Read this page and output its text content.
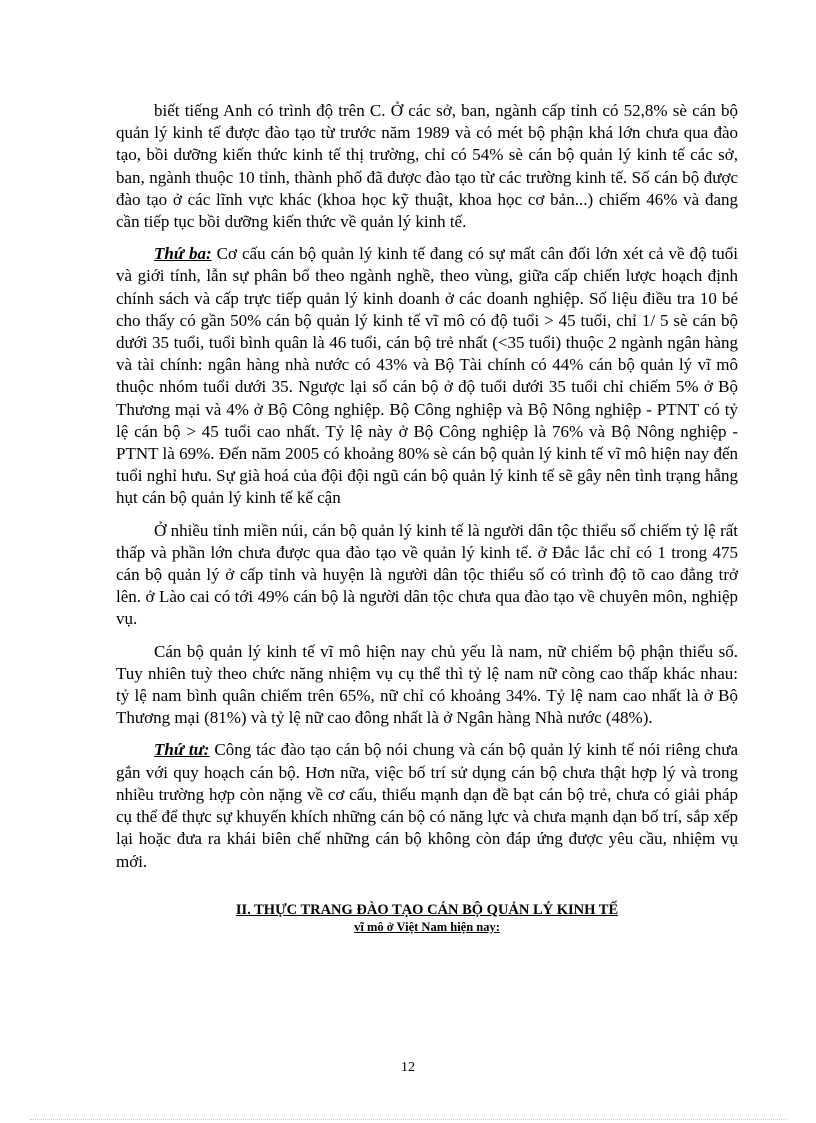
biết tiếng Anh có trình độ trên C. Ở các sở, ban, ngành cấp tỉnh có 52,8% sè cán bộ quản lý kinh tế được đào tạo từ trước năm 1989 và có mét bộ phận khá lớn chưa qua đào tạo, bồi dưỡng kiến thức kinh tế thị trường, chỉ có 54% sè cán bộ quản lý kinh tế các sở, ban, ngành thuộc 10 tỉnh, thành phố đã được đào tạo từ các trường kinh tế. Số cán bộ được đào tạo ở các lĩnh vực khác (khoa học kỹ thuật, khoa học cơ bản...) chiếm 46% và đang cần tiếp tục bồi dưỡng kiến thức về quản lý kinh tế.

Thứ ba: Cơ cấu cán bộ quản lý kinh tế đang có sự mất cân đối lớn xét cả về độ tuổi và giới tính, lẫn sự phân bổ theo ngành nghề, theo vùng, giữa cấp chiến lược hoạch định chính sách và cấp trực tiếp quản lý kinh doanh ở các doanh nghiệp. Số liệu điều tra 10 bé cho thấy có gần 50% cán bộ quản lý kinh tế vĩ mô có độ tuổi > 45 tuổi, chỉ 1/ 5 sè cán bộ dưới 35 tuổi, tuổi bình quân là 46 tuổi, cán bộ trẻ nhất (<35 tuổi) thuộc 2 ngành ngân hàng và tài chính: ngân hàng nhà nước có 43% và Bộ Tài chính có 44% cán bộ quản lý vĩ mô thuộc nhóm tuổi dưới 35. Ngược lại số cán bộ ở độ tuổi dưới 35 tuổi chỉ chiếm 5% ở Bộ Thương mại và 4% ở Bộ Công nghiệp. Bộ Công nghiệp và Bộ Nông nghiệp - PTNT có tỷ lệ cán bộ > 45 tuổi cao nhất. Tỷ lệ này ở Bộ Công nghiệp là 76% và Bộ Nông nghiệp - PTNT là 69%. Đến năm 2005 có khoảng 80% sè cán bộ quản lý kinh tế vĩ mô hiện nay đến tuổi nghỉ hưu. Sự già hoá của đội đội ngũ cán bộ quản lý kinh tế sẽ gây nên tình trạng hẫng hụt cán bộ quản lý kinh tế kế cận

Ở nhiều tỉnh miền núi, cán bộ quản lý kinh tế là người dân tộc thiểu số chiếm tỷ lệ rất thấp và phần lớn chưa được qua đào tạo về quản lý kinh tế. ở Đắc lắc chỉ có 1 trong 475 cán bộ quản lý ở cấp tỉnh và huyện là người dân tộc thiểu số có trình độ tõ cao đẳng trở lên. ở Lào cai có tới 49% cán bộ là người dân tộc chưa qua đào tạo về chuyên môn, nghiệp vụ.

Cán bộ quản lý kinh tế vĩ mô hiện nay chủ yếu là nam, nữ chiếm bộ phận thiểu số. Tuy nhiên tuỳ theo chức năng nhiệm vụ cụ thể thì tỷ lệ nam nữ còng cao thấp khác nhau: tỷ lệ nam bình quân chiếm trên 65%, nữ chỉ có khoảng 34%. Tỷ lệ nam cao nhất là ở Bộ Thương mại (81%) và tỷ lệ nữ cao đông nhất là ở Ngân hàng Nhà nước (48%).

Thứ tư: Công tác đào tạo cán bộ nói chung và cán bộ quản lý kinh tế nói riêng chưa gắn với quy hoạch cán bộ. Hơn nữa, việc bố trí sử dụng cán bộ chưa thật hợp lý và trong nhiều trường hợp còn nặng về cơ cấu, thiếu mạnh dạn đề bạt cán bộ trẻ, chưa có giải pháp cụ thể để thực sự khuyến khích những cán bộ có năng lực và chưa mạnh dạn bố trí, sắp xếp lại hoặc đưa ra khái biên chế những cán bộ không còn đáp ứng được yêu cầu, nhiệm vụ mới.

II. THỰC TRANG ĐÀO TẠO CÁN BỘ QUẢN LÝ KINH TẾ
vĩ mô ở Việt Nam hiện nay:
12
